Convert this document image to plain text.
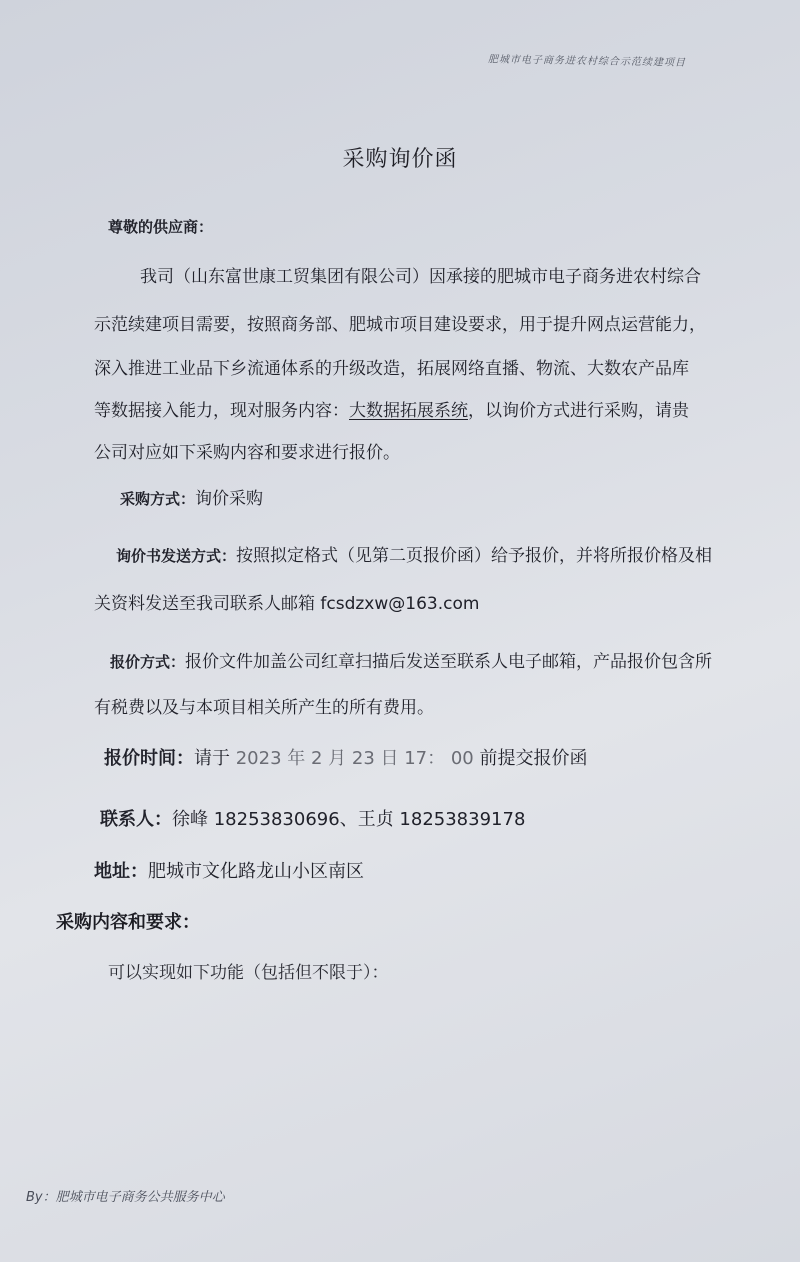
肥城市电子商务进农村综合示范续建项目
采购询价函
尊敬的供应商：
我司（山东富世康工贸集团有限公司）因承接的肥城市电子商务进农村综合
示范续建项目需要，按照商务部、肥城市项目建设要求，用于提升网点运营能力，
深入推进工业品下乡流通体系的升级改造，拓展网络直播、物流、大数农产品库
等数据接入能力，现对服务内容：大数据拓展系统，以询价方式进行采购，请贵
公司对应如下采购内容和要求进行报价。
采购方式：询价采购
询价书发送方式：按照拟定格式（见第二页报价函）给予报价，并将所报价格及相
关资料发送至我司联系人邮箱 fcsdzxw@163.com
报价方式：报价文件加盖公司红章扫描后发送至联系人电子邮箱，产品报价包含所
有税费以及与本项目相关所产生的所有费用。
报价时间：请于 2023 年 2 月 23 日 17： 00 前提交报价函
联系人：徐峰 18253830696、王贞 18253839178
地址：肥城市文化路龙山小区南区
采购内容和要求：
可以实现如下功能（包括但不限于）：
By：肥城市电子商务公共服务中心
